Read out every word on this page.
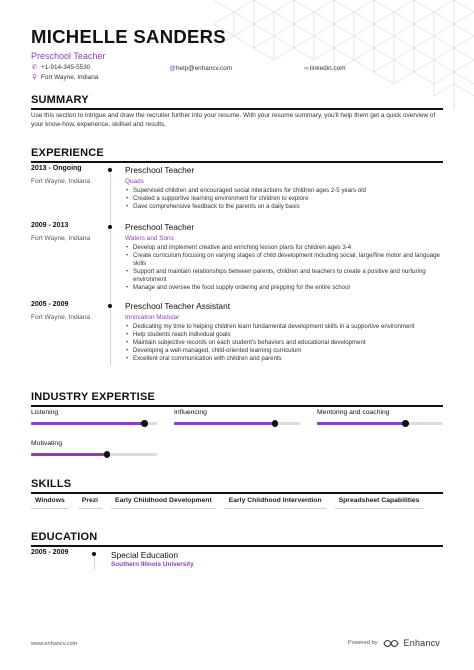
MICHELLE SANDERS
Preschool Teacher
✆ +1-914-345-5530
⚲ Fort Wayne, Indiana
@ help@enhancv.com	∞ linkedin.com
SUMMARY
Use this section to intrigue and draw the recruiter further into your resume. With your resume summary, you'll help them get a quick overview of your know-how, experience, skillset and results.
EXPERIENCE
2013 - Ongoing
Fort Wayne, Indiana
Preschool Teacher
Quads
• Supervised children and encouraged social interactions for children ages 2-5 years old
• Created a supportive learning environment for children to explore
• Gave comprehensive feedback to the parents on a daily basis
2009 - 2013
Fort Wayne, Indiana
Preschool Teacher
Waters and Sons
• Develop and implement creative and enriching lesson plans for children ages 3-4
• Create curriculum focusing on varying stages of child development including social, large/fine motor and language skills
• Support and maintain relationships between parents, children and teachers to create a positive and nurturing environment
• Manage and oversee the food supply ordering and prepping for the entire school
2005 - 2009
Fort Wayne, Indiana
Preschool Teacher Assistant
Innovation Modular
• Dedicating my time to helping children learn fundamental development skills in a supportive environment
• Help students reach individual goals
• Maintain subjective records on each student's behaviors and educational development
• Developing a well-managed, child-oriented learning curriculum
• Excellent oral communication with children and parents
INDUSTRY EXPERTISE
Listening	Influencing	Mentoring and coaching
Motivating
SKILLS
Windows	Prezi	Early Childhood Development	Early Childhood Intervention	Spreadsheet Capabilities
EDUCATION
2005 - 2009	Special Education
Southern Illinois University
www.enhancv.com	Powered by	Enhancv
